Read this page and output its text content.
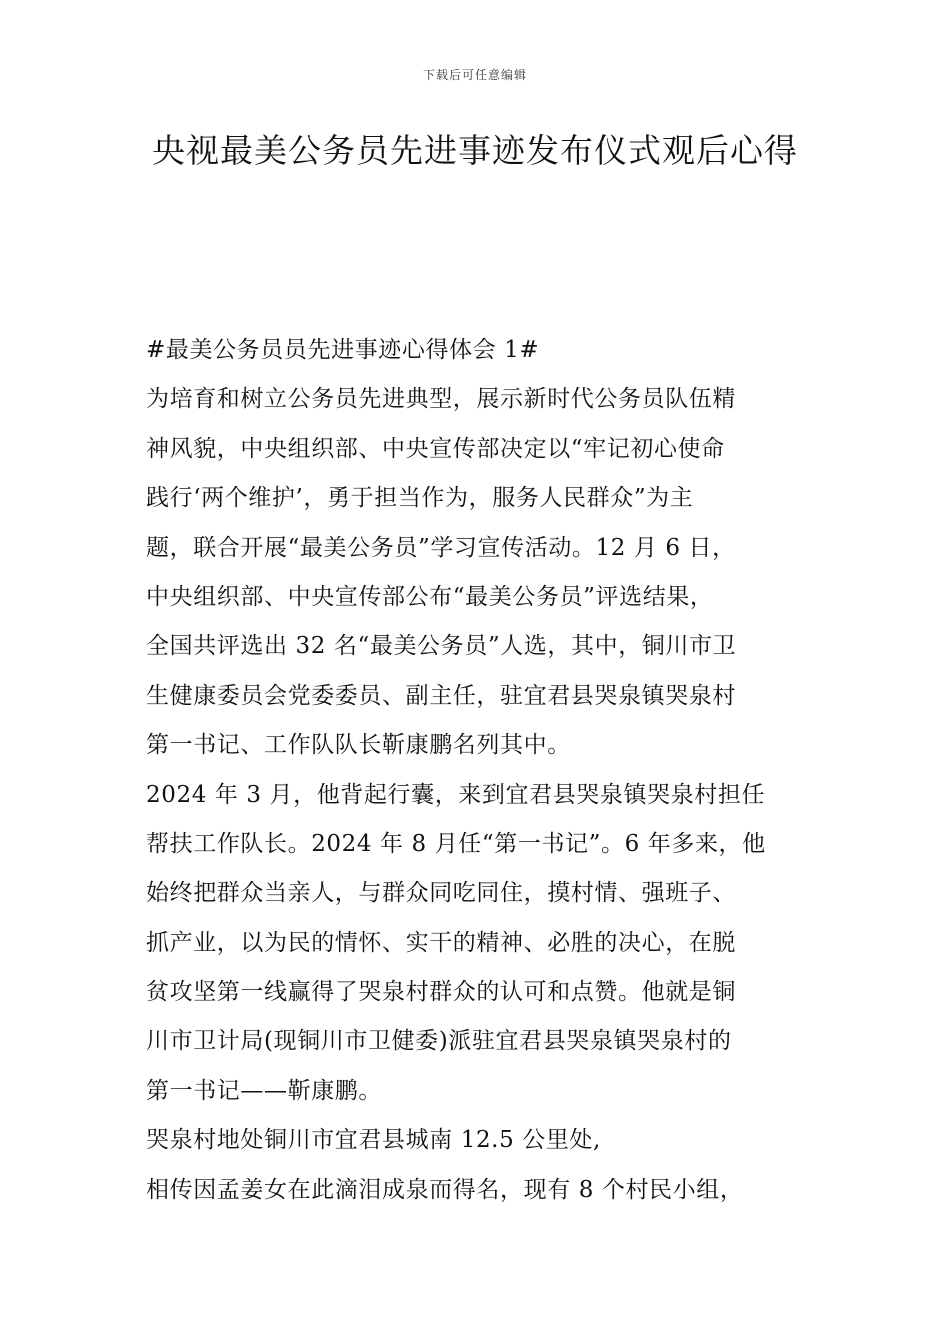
下载后可任意编辑
央视最美公务员先进事迹发布仪式观后心得
#最美公务员员先进事迹心得体会 1#
为培育和树立公务员先进典型，展示新时代公务员队伍精
神风貌，中央组织部、中央宣传部决定以“牢记初心使命
践行‘两个维护’，勇于担当作为，服务人民群众”为主
题，联合开展“最美公务员”学习宣传活动。12 月 6 日，
中央组织部、中央宣传部公布“最美公务员”评选结果，
全国共评选出 32 名“最美公务员”人选，其中，铜川市卫
生健康委员会党委委员、副主任，驻宜君县哭泉镇哭泉村
第一书记、工作队队长靳康鹏名列其中。
2024 年 3 月，他背起行囊，来到宜君县哭泉镇哭泉村担任
帮扶工作队长。2024 年 8 月任“第一书记”。6 年多来，他
始终把群众当亲人，与群众同吃同住，摸村情、强班子、
抓产业，以为民的情怀、实干的精神、必胜的决心，在脱
贫攻坚第一线赢得了哭泉村群众的认可和点赞。他就是铜
川市卫计局(现铜川市卫健委)派驻宜君县哭泉镇哭泉村的
第一书记——靳康鹏。
哭泉村地处铜川市宜君县城南 12.5 公里处,
相传因孟姜女在此滴泪成泉而得名，现有 8 个村民小组，
